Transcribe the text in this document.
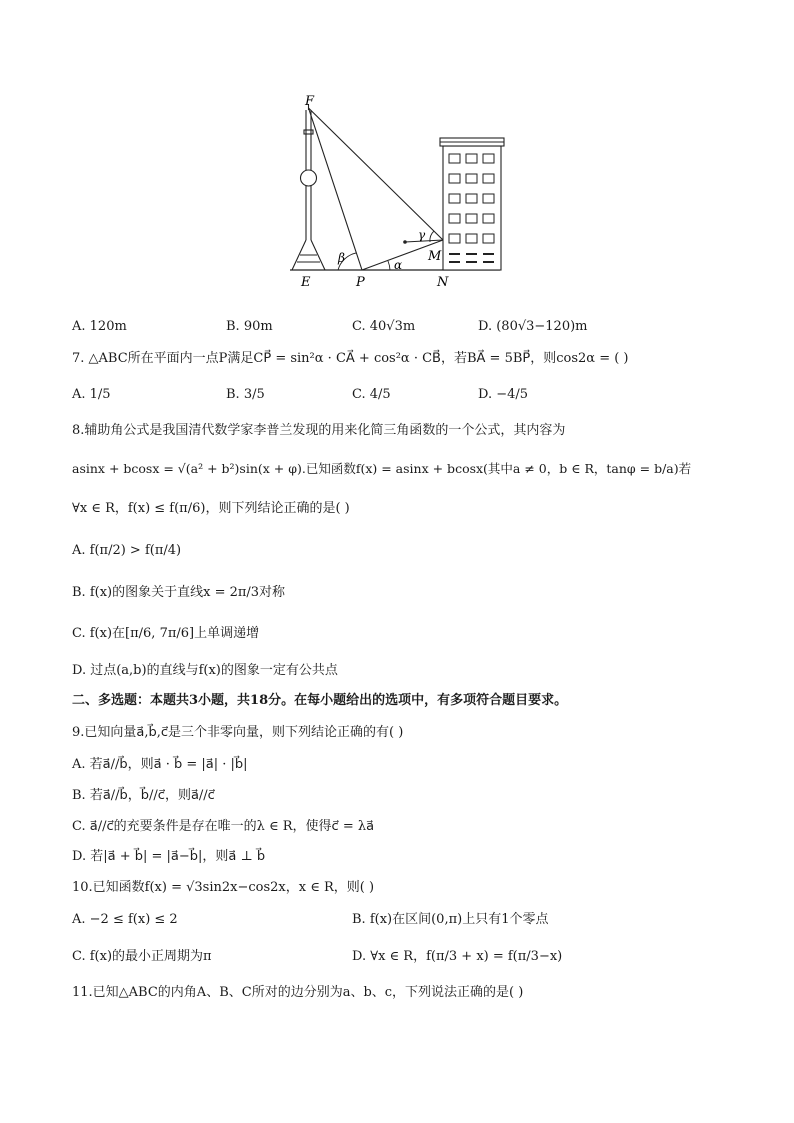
F
E	P	N
M
α
β
γ
A. 120m	B. 90m	C. 40√3m	D. (80√3−120)m
7. △ABC所在平面内一点P满足CP⃗ = sin²α · CA⃗ + cos²α · CB⃗，若BA⃗ = 5BP⃗，则cos2α = ( )
A. 1/5	B. 3/5	C. 4/5	D. −4/5
8.辅助角公式是我国清代数学家李普兰发现的用来化简三角函数的一个公式，其内容为
asinx + bcosx = √(a² + b²)sin(x + φ).已知函数f(x) = asinx + bcosx(其中a ≠ 0，b ∈ R，tanφ = b/a)若
∀x ∈ R，f(x) ≤ f(π/6)，则下列结论正确的是( )
A. f(π/2) > f(π/4)
B. f(x)的图象关于直线x = 2π/3对称
C. f(x)在[π/6, 7π/6]上单调递增
D. 过点(a,b)的直线与f(x)的图象一定有公共点
二、多选题：本题共3小题，共18分。在每小题给出的选项中，有多项符合题目要求。
9.已知向量a⃗,b⃗,c⃗是三个非零向量，则下列结论正确的有( )
A. 若a⃗//b⃗，则a⃗ · b⃗ = |a⃗| · |b⃗|
B. 若a⃗//b⃗，b⃗//c⃗，则a⃗//c⃗
C. a⃗//c⃗的充要条件是存在唯一的λ ∈ R，使得c⃗ = λa⃗
D. 若|a⃗ + b⃗| = |a⃗−b⃗|，则a⃗ ⊥ b⃗
10.已知函数f(x) = √3sin2x−cos2x，x ∈ R，则( )
A. −2 ≤ f(x) ≤ 2	B. f(x)在区间(0,π)上只有1个零点
C. f(x)的最小正周期为π	D. ∀x ∈ R，f(π/3 + x) = f(π/3−x)
11.已知△ABC的内角A、B、C所对的边分别为a、b、c，下列说法正确的是( )
